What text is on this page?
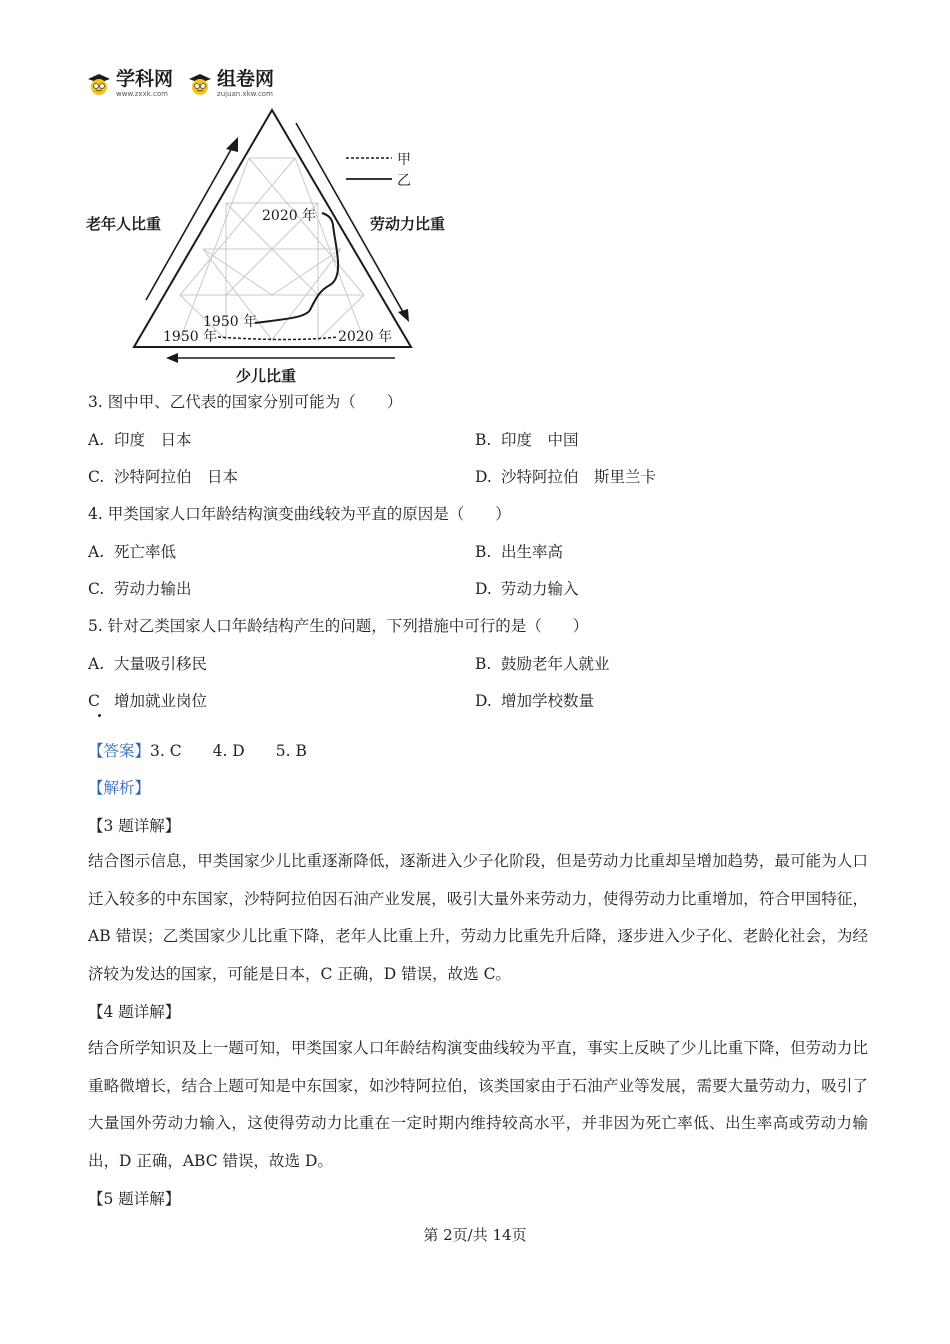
学科网
www.zxxk.com
组卷网
zujuan.xkw.com
甲
乙
老年人比重	劳动力比重
少儿比重
2020 年
1950 年
1950 年	2020 年
3. 图中甲、乙代表的国家分别可能为（　　）
A. 印度　日本	B. 印度　中国
C. 沙特阿拉伯　日本	D. 沙特阿拉伯　斯里兰卡
4. 甲类国家人口年龄结构演变曲线较为平直的原因是（　　）
A. 死亡率低	B. 出生率高
C. 劳动力输出	D. 劳动力输入
5. 针对乙类国家人口年龄结构产生的问题，下列措施中可行的是（　　）
A. 大量吸引移民	B. 鼓励老年人就业
C 增加就业岗位	D. 增加学校数量
【答案】3. C　　4. D　　5. B
【解析】
【3 题详解】
结合图示信息，甲类国家少儿比重逐渐降低，逐渐进入少子化阶段，但是劳动力比重却呈增加趋势，最可能为人口迁入较多的中东国家，沙特阿拉伯因石油产业发展，吸引大量外来劳动力，使得劳动力比重增加，符合甲国特征，AB 错误；乙类国家少儿比重下降，老年人比重上升，劳动力比重先升后降，逐步进入少子化、老龄化社会，为经济较为发达的国家，可能是日本，C 正确，D 错误，故选 C。
【4 题详解】
结合所学知识及上一题可知，甲类国家人口年龄结构演变曲线较为平直，事实上反映了少儿比重下降，但劳动力比重略微增长，结合上题可知是中东国家，如沙特阿拉伯，该类国家由于石油产业等发展，需要大量劳动力，吸引了大量国外劳动力输入，这使得劳动力比重在一定时期内维持较高水平，并非因为死亡率低、出生率高或劳动力输出，D 正确，ABC 错误，故选 D。
【5 题详解】
第 2页/共 14页
